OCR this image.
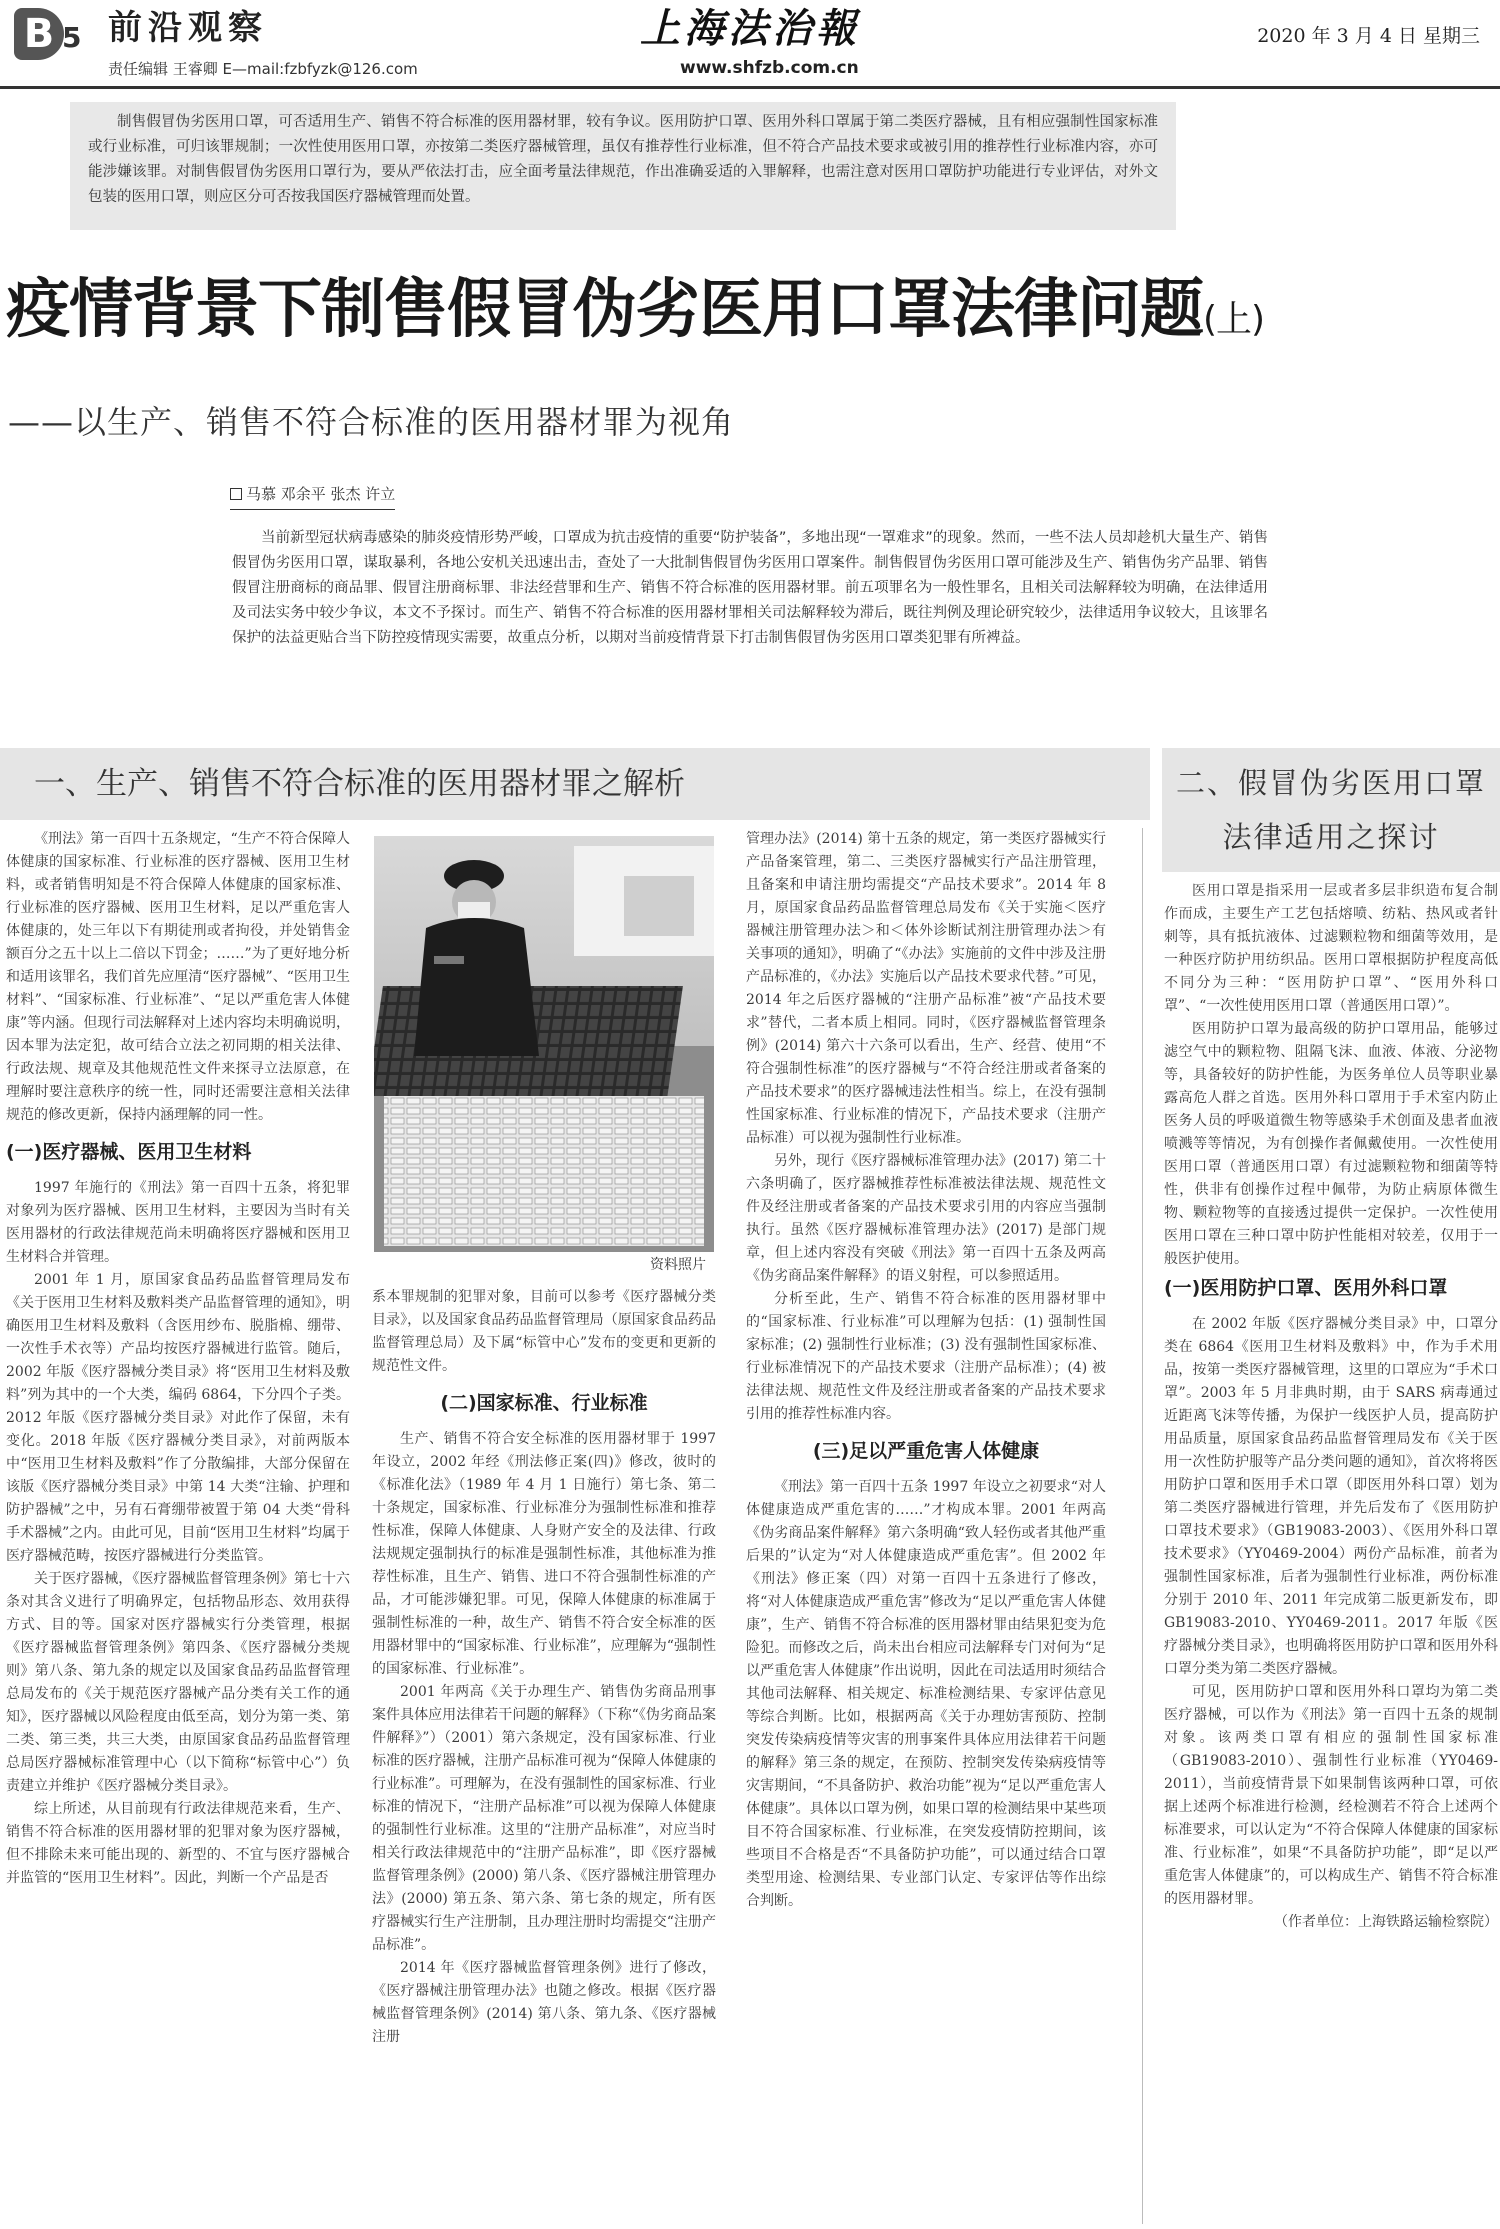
B 5 前沿观察
责任编辑 王睿卿 E—mail:fzbfyzk@126.com
上海法治報
www.shfzb.com.cn
2020 年 3 月 4 日 星期三
制售假冒伪劣医用口罩，可否适用生产、销售不符合标准的医用器材罪，较有争议。医用防护口罩、医用外科口罩属于第二类医疗器械，且有相应强制性国家标准或行业标准，可归该罪规制；一次性使用医用口罩，亦按第二类医疗器械管理，虽仅有推荐性行业标准，但不符合产品技术要求或被引用的推荐性行业标准内容，亦可能涉嫌该罪。对制售假冒伪劣医用口罩行为，要从严依法打击，应全面考量法律规范，作出准确妥适的入罪解释，也需注意对医用口罩防护功能进行专业评估，对外文包装的医用口罩，则应区分可否按我国医疗器械管理而处置。
疫情背景下制售假冒伪劣医用口罩法律问题(上)
——以生产、销售不符合标准的医用器材罪为视角
马慕 邓余平 张杰 许立
当前新型冠状病毒感染的肺炎疫情形势严峻，口罩成为抗击疫情的重要“防护装备”，多地出现“一罩难求”的现象。然而，一些不法人员却趁机大量生产、销售假冒伪劣医用口罩，谋取暴利，各地公安机关迅速出击，查处了一大批制售假冒伪劣医用口罩案件。制售假冒伪劣医用口罩可能涉及生产、销售伪劣产品罪、销售假冒注册商标的商品罪、假冒注册商标罪、非法经营罪和生产、销售不符合标准的医用器材罪。前五项罪名为一般性罪名，且相关司法解释较为明确，在法律适用及司法实务中较少争议，本文不予探讨。而生产、销售不符合标准的医用器材罪相关司法解释较为滞后，既往判例及理论研究较少，法律适用争议较大，且该罪名保护的法益更贴合当下防控疫情现实需要，故重点分析，以期对当前疫情背景下打击制售假冒伪劣医用口罩类犯罪有所裨益。
一、生产、销售不符合标准的医用器材罪之解析	二、假冒伪劣医用口罩法律适用之探讨

《刑法》第一百四十五条规定，“生产不符合保障人体健康的国家标准、行业标准的医疗器械、医用卫生材料，或者销售明知是不符合保障人体健康的国家标准、行业标准的医疗器械、医用卫生材料，足以严重危害人体健康的，处三年以下有期徒刑或者拘役，并处销售金额百分之五十以上二倍以下罚金；……”为了更好地分析和适用该罪名，我们首先应厘清“医疗器械”、“医用卫生材料”、“国家标准、行业标准”、“足以严重危害人体健康”等内涵。但现行司法解释对上述内容均未明确说明，因本罪为法定犯，故可结合立法之初同期的相关法律、行政法规、规章及其他规范性文件来探寻立法原意，在理解时要注意秩序的统一性，同时还需要注意相关法律规范的修改更新，保持内涵理解的同一性。

(一)医疗器械、医用卫生材料

1997 年施行的《刑法》第一百四十五条，将犯罪对象列为医疗器械、医用卫生材料，主要因为当时有关医用器材的行政法律规范尚未明确将医疗器械和医用卫生材料合并管理。

2001 年 1 月，原国家食品药品监督管理局发布《关于医用卫生材料及敷料类产品监督管理的通知》，明确医用卫生材料及敷料（含医用纱布、脱脂棉、绷带、一次性手术衣等）产品均按医疗器械进行监管。随后，2002 年版《医疗器械分类目录》将“医用卫生材料及敷料”列为其中的一个大类，编码 6864，下分四个子类。2012 年版《医疗器械分类目录》对此作了保留，未有变化。2018 年版《医疗器械分类目录》，对前两版本中“医用卫生材料及敷料”作了分散编排，大部分保留在该版《医疗器械分类目录》中第 14 大类“注输、护理和防护器械”之中，另有石膏绷带被置于第 04 大类“骨科手术器械”之内。由此可见，目前“医用卫生材料”均属于医疗器械范畴，按医疗器械进行分类监管。

关于医疗器械，《医疗器械监督管理条例》第七十六条对其含义进行了明确界定，包括物品形态、效用获得方式、目的等。国家对医疗器械实行分类管理，根据《医疗器械监督管理条例》第四条、《医疗器械分类规则》第八条、第九条的规定以及国家食品药品监督管理总局发布的《关于规范医疗器械产品分类有关工作的通知》，医疗器械以风险程度由低至高，划分为第一类、第二类、第三类，共三大类，由原国家食品药品监督管理总局医疗器械标准管理中心（以下简称“标管中心”）负责建立并维护《医疗器械分类目录》。

综上所述，从目前现有行政法律规范来看，生产、销售不符合标准的医用器材罪的犯罪对象为医疗器械，但不排除未来可能出现的、新型的、不宜与医疗器械合并监管的“医用卫生材料”。因此，判断一个产品是否

资料照片

系本罪规制的犯罪对象，目前可以参考《医疗器械分类目录》，以及国家食品药品监督管理局（原国家食品药品监督管理总局）及下属“标管中心”发布的变更和更新的规范性文件。

(二)国家标准、行业标准

生产、销售不符合安全标准的医用器材罪于 1997 年设立，2002 年经《刑法修正案(四)》修改，彼时的《标准化法》（1989 年 4 月 1 日施行）第七条、第二十条规定，国家标准、行业标准分为强制性标准和推荐性标准，保障人体健康、人身财产安全的及法律、行政法规规定强制执行的标准是强制性标准，其他标准为推荐性标准，且生产、销售、进口不符合强制性标准的产品，才可能涉嫌犯罪。可见，保障人体健康的标准属于强制性标准的一种，故生产、销售不符合安全标准的医用器材罪中的“国家标准、行业标准”，应理解为“强制性的国家标准、行业标准”。

2001 年两高《关于办理生产、销售伪劣商品刑事案件具体应用法律若干问题的解释》（下称“《伪劣商品案件解释》”）（2001）第六条规定，没有国家标准、行业标准的医疗器械，注册产品标准可视为“保障人体健康的行业标准”。可理解为，在没有强制性的国家标准、行业标准的情况下，“注册产品标准”可以视为保障人体健康的强制性行业标准。这里的“注册产品标准”，对应当时相关行政法律规范中的“注册产品标准”，即《医疗器械监督管理条例》(2000) 第八条、《医疗器械注册管理办法》(2000) 第五条、第六条、第七条的规定，所有医疗器械实行生产注册制，且办理注册时均需提交“注册产品标准”。

2014 年《医疗器械监督管理条例》进行了修改，《医疗器械注册管理办法》也随之修改。根据《医疗器械监督管理条例》(2014) 第八条、第九条、《医疗器械注册

管理办法》(2014) 第十五条的规定，第一类医疗器械实行产品备案管理，第二、三类医疗器械实行产品注册管理，且备案和申请注册均需提交“产品技术要求”。2014 年 8 月，原国家食品药品监督管理总局发布《关于实施＜医疗器械注册管理办法＞和＜体外诊断试剂注册管理办法＞有关事项的通知》，明确了“《办法》实施前的文件中涉及注册产品标准的，《办法》实施后以产品技术要求代替。”可见，2014 年之后医疗器械的“注册产品标准”被“产品技术要求”替代，二者本质上相同。同时，《医疗器械监督管理条例》(2014) 第六十六条可以看出，生产、经营、使用“不符合强制性标准”的医疗器械与“不符合经注册或者备案的产品技术要求”的医疗器械违法性相当。综上，在没有强制性国家标准、行业标准的情况下，产品技术要求（注册产品标准）可以视为强制性行业标准。

另外，现行《医疗器械标准管理办法》(2017) 第二十六条明确了，医疗器械推荐性标准被法律法规、规范性文件及经注册或者备案的产品技术要求引用的内容应当强制执行。虽然《医疗器械标准管理办法》(2017) 是部门规章，但上述内容没有突破《刑法》第一百四十五条及两高《伪劣商品案件解释》的语义射程，可以参照适用。

分析至此，生产、销售不符合标准的医用器材罪中的“国家标准、行业标准”可以理解为包括：(1) 强制性国家标准；(2) 强制性行业标准；(3) 没有强制性国家标准、行业标准情况下的产品技术要求（注册产品标准）；(4) 被法律法规、规范性文件及经注册或者备案的产品技术要求引用的推荐性标准内容。

(三)足以严重危害人体健康

《刑法》第一百四十五条 1997 年设立之初要求“对人体健康造成严重危害的……”才构成本罪。2001 年两高《伪劣商品案件解释》第六条明确“致人轻伤或者其他严重后果的”认定为“对人体健康造成严重危害”。但 2002 年《刑法》修正案（四）对第一百四十五条进行了修改，将“对人体健康造成严重危害”修改为“足以严重危害人体健康”，生产、销售不符合标准的医用器材罪由结果犯变为危险犯。而修改之后，尚未出台相应司法解释专门对何为“足以严重危害人体健康”作出说明，因此在司法适用时须结合其他司法解释、相关规定、标准检测结果、专家评估意见等综合判断。比如，根据两高《关于办理妨害预防、控制突发传染病疫情等灾害的刑事案件具体应用法律若干问题的解释》第三条的规定，在预防、控制突发传染病疫情等灾害期间，“不具备防护、救治功能”视为“足以严重危害人体健康”。具体以口罩为例，如果口罩的检测结果中某些项目不符合国家标准、行业标准，在突发疫情防控期间，该些项目不合格是否“不具备防护功能”，可以通过结合口罩类型用途、检测结果、专业部门认定、专家评估等作出综合判断。

医用口罩是指采用一层或者多层非织造布复合制作而成，主要生产工艺包括熔喷、纺粘、热风或者针刺等，具有抵抗液体、过滤颗粒物和细菌等效用，是一种医疗防护用纺织品。医用口罩根据防护程度高低不同分为三种：“医用防护口罩”、“医用外科口罩”、“一次性使用医用口罩（普通医用口罩）”。

医用防护口罩为最高级的防护口罩用品，能够过滤空气中的颗粒物、阻隔飞沫、血液、体液、分泌物等，具备较好的防护性能，为医务单位人员等职业暴露高危人群之首选。医用外科口罩用于手术室内防止医务人员的呼吸道微生物等感染手术创面及患者血液喷溅等等情况，为有创操作者佩戴使用。一次性使用医用口罩（普通医用口罩）有过滤颗粒物和细菌等特性，供非有创操作过程中佩带，为防止病原体微生物、颗粒物等的直接透过提供一定保护。一次性使用医用口罩在三种口罩中防护性能相对较差，仅用于一般医护使用。

(一)医用防护口罩、医用外科口罩

在 2002 年版《医疗器械分类目录》中，口罩分类在 6864《医用卫生材料及敷料》中，作为手术用品，按第一类医疗器械管理，这里的口罩应为“手术口罩”。2003 年 5 月非典时期，由于 SARS 病毒通过近距离飞沫等传播，为保护一线医护人员，提高防护用品质量，原国家食品药品监督管理局发布《关于医用一次性防护服等产品分类问题的通知》，首次将将医用防护口罩和医用手术口罩（即医用外科口罩）划为第二类医疗器械进行管理，并先后发布了《医用防护口罩技术要求》（GB19083-2003）、《医用外科口罩技术要求》（YY0469-2004）两份产品标准，前者为强制性国家标准，后者为强制性行业标准，两份标准分别于 2010 年、2011 年完成第二版更新发布，即 GB19083-2010、YY0469-2011。2017 年版《医疗器械分类目录》，也明确将医用防护口罩和医用外科口罩分类为第二类医疗器械。

可见，医用防护口罩和医用外科口罩均为第二类医疗器械，可以作为《刑法》第一百四十五条的规制对象。该两类口罩有相应的强制性国家标准（GB19083-2010）、强制性行业标准（YY0469-2011），当前疫情背景下如果制售该两种口罩，可依据上述两个标准进行检测，经检测若不符合上述两个标准要求，可以认定为“不符合保障人体健康的国家标准、行业标准”，如果“不具备防护功能”，即“足以严重危害人体健康”的，可以构成生产、销售不符合标准的医用器材罪。

（作者单位：上海铁路运输检察院）
